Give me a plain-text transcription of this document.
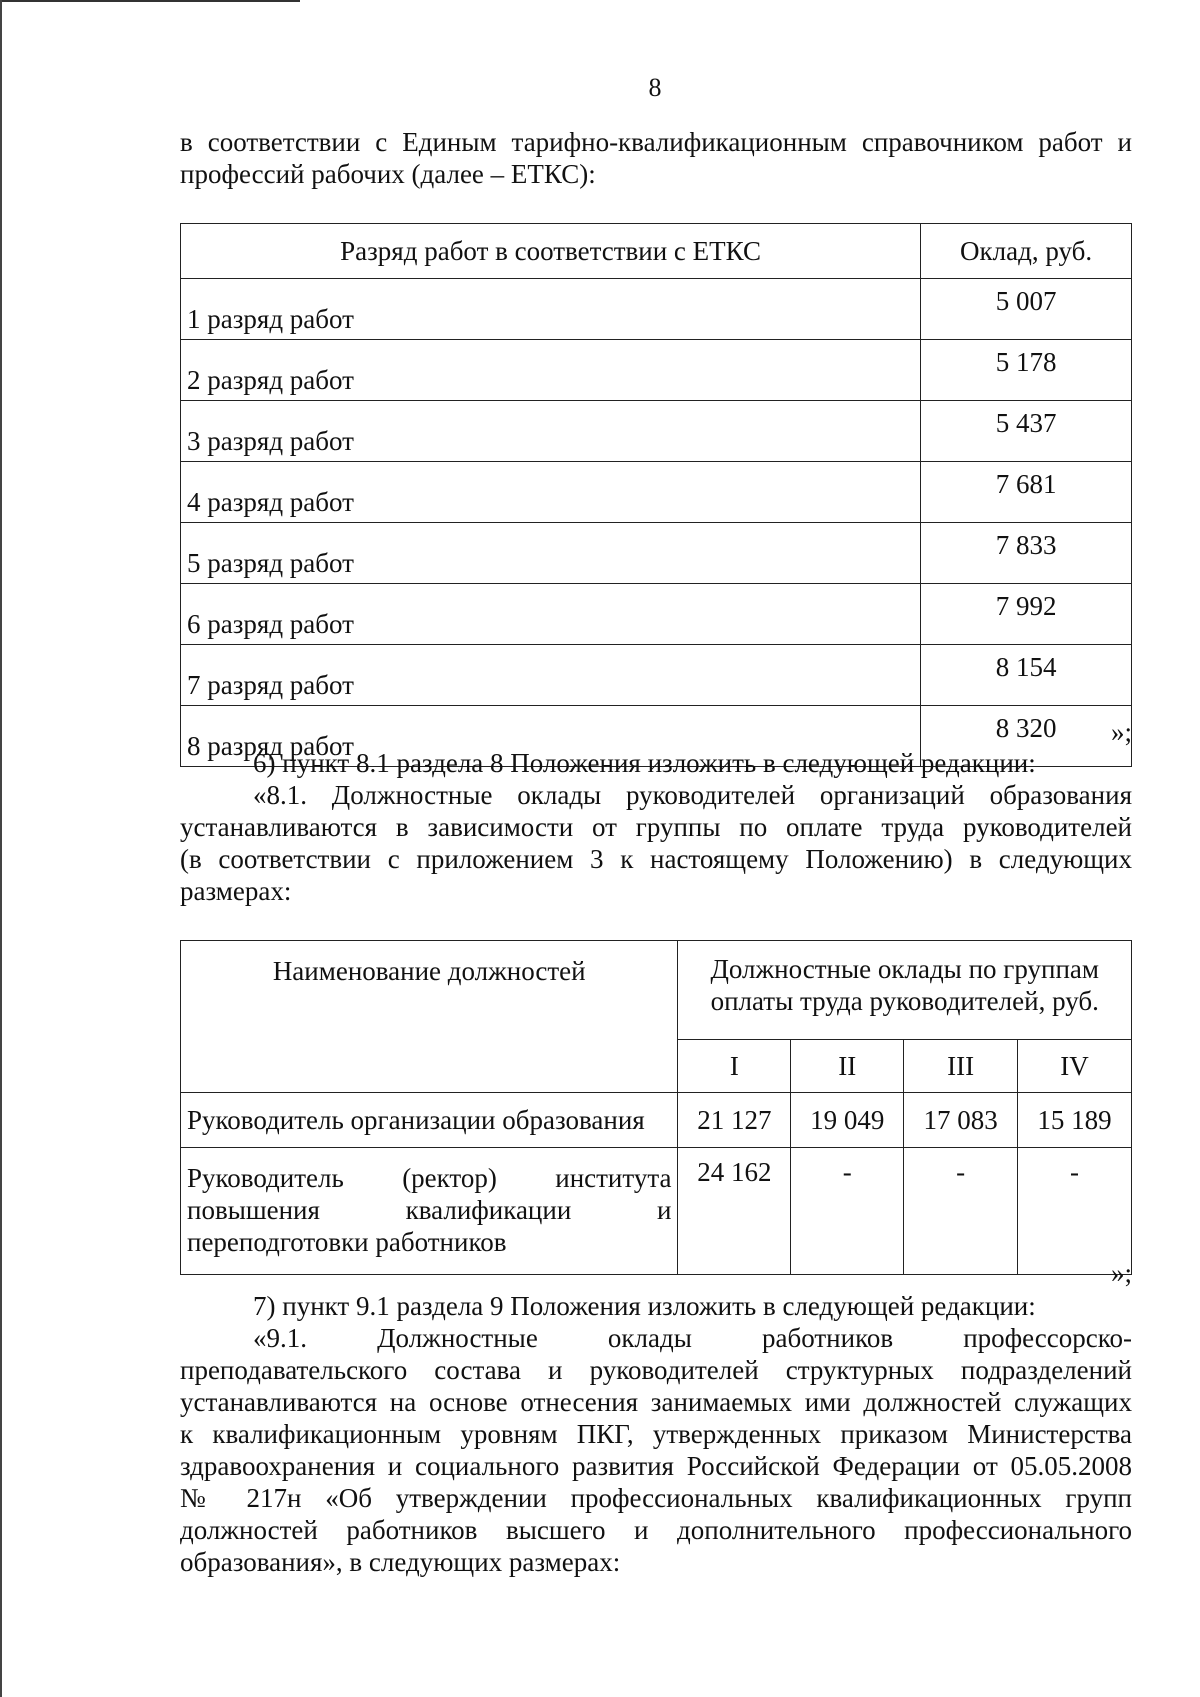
8
в соответствии с Единым тарифно-квалификационным справочником работ и
профессий рабочих (далее – ЕТКС):
Разряд работ в соответствии с ЕТКС	Оклад, руб.
1 разряд работ	5 007
2 разряд работ	5 178
3 разряд работ	5 437
4 разряд работ	7 681
5 разряд работ	7 833
6 разряд работ	7 992
7 разряд работ	8 154
8 разряд работ	8 320	»;
6) пункт 8.1 раздела 8 Положения изложить в следующей редакции:
«8.1. Должностные оклады руководителей организаций образования
устанавливаются в зависимости от группы по оплате труда руководителей
(в соответствии с приложением 3 к настоящему Положению) в следующих
размерах:
Наименование должностей	Должностные оклады по группам
оплаты труда руководителей, руб.			

	I	II	III	IV
Руководитель организации образования	21 127	19 049	17 083	15 189

Руководитель (ректор) института
повышения квалификации и
переподготовки работников	24 162	-	-	-
»;
7) пункт 9.1 раздела 9 Положения изложить в следующей редакции:
«9.1. Должностные оклады работников профессорско-
преподавательского состава и руководителей структурных подразделений
устанавливаются на основе отнесения занимаемых ими должностей служащих
к квалификационным уровням ПКГ, утвержденных приказом Министерства
здравоохранения и социального развития Российской Федерации от 05.05.2008
№ 217н «Об утверждении профессиональных квалификационных групп
должностей работников высшего и дополнительного профессионального
образования», в следующих размерах:
